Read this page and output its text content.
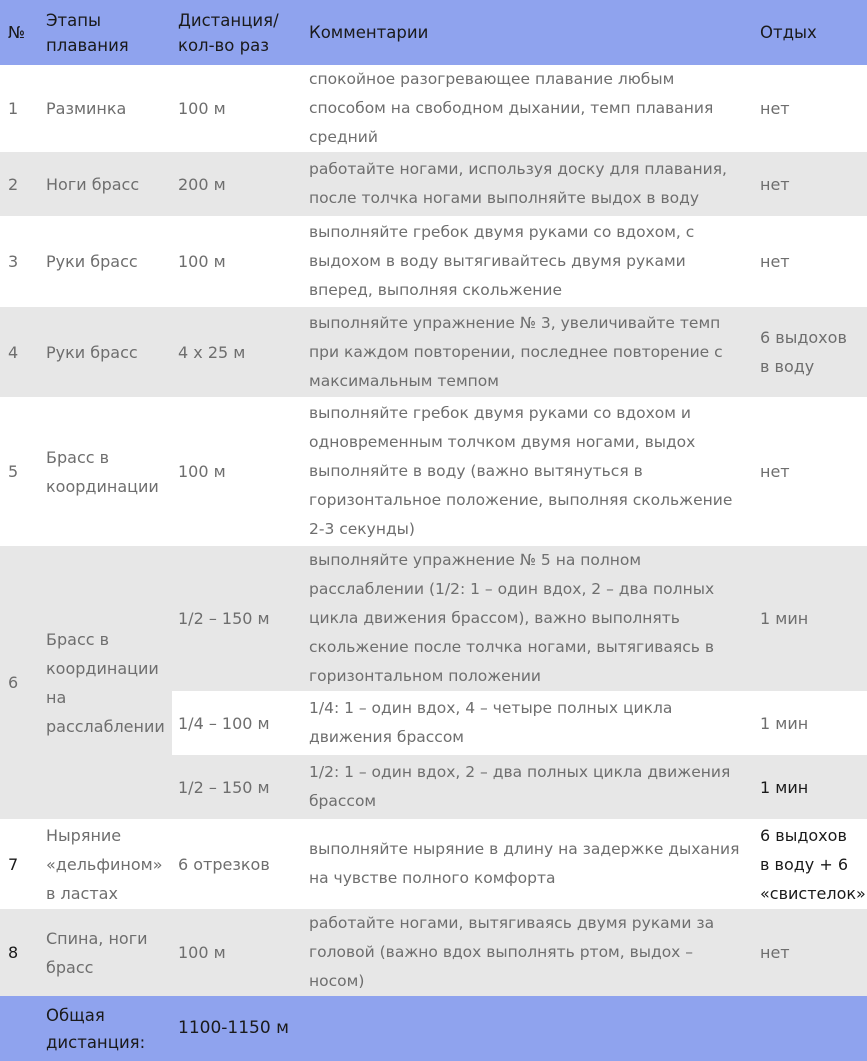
№	Этапы плавания	Дистанция/ кол-во раз	Комментарии	Отдых
1	Разминка	100 м	спокойное разогревающее плавание любым способом на свободном дыхании, темп плавания средний	нет
2	Ноги брасс	200 м	работайте ногами, используя доску для плавания, после толчка ногами выполняйте выдох в воду	нет
3	Руки брасс	100 м	выполняйте гребок двумя руками со вдохом, с выдохом в воду вытягивайтесь двумя руками вперед, выполняя скольжение	нет
4	Руки брасс	4 х 25 м	выполняйте упражнение № 3, увеличивайте темп при каждом повторении, последнее повторение с максимальным темпом	6 выдохов в воду
5	Брасс в координации	100 м	выполняйте гребок двумя руками со вдохом и одновременным толчком двумя ногами, выдох выполняйте в воду (важно вытянуться в горизонтальное положение, выполняя скольжение 2-3 секунды)	нет
6	Брасс в координации на расслаблении	1/2 – 150 м	выполняйте упражнение № 5 на полном расслаблении (1/2: 1 – один вдох, 2 – два полных цикла движения брассом), важно выполнять скольжение после толчка ногами, вытягиваясь в горизонтальном положении	1 мин
		1/4 – 100 м	1/4: 1 – один вдох, 4 – четыре полных цикла движения брассом	1 мин
		1/2 – 150 м	1/2: 1 – один вдох, 2 – два полных цикла движения брассом	1 мин
7	Ныряние «дельфином» в ластах	6 отрезков	выполняйте ныряние в длину на задержке дыхания на чувстве полного комфорта	6 выдохов в воду + 6 «свистелок»
8	Спина, ноги брасс	100 м	работайте ногами, вытягиваясь двумя руками за головой (важно вдох выполнять ртом, выдох – носом)	нет
	Общая дистанция:	1100-1150 м		
